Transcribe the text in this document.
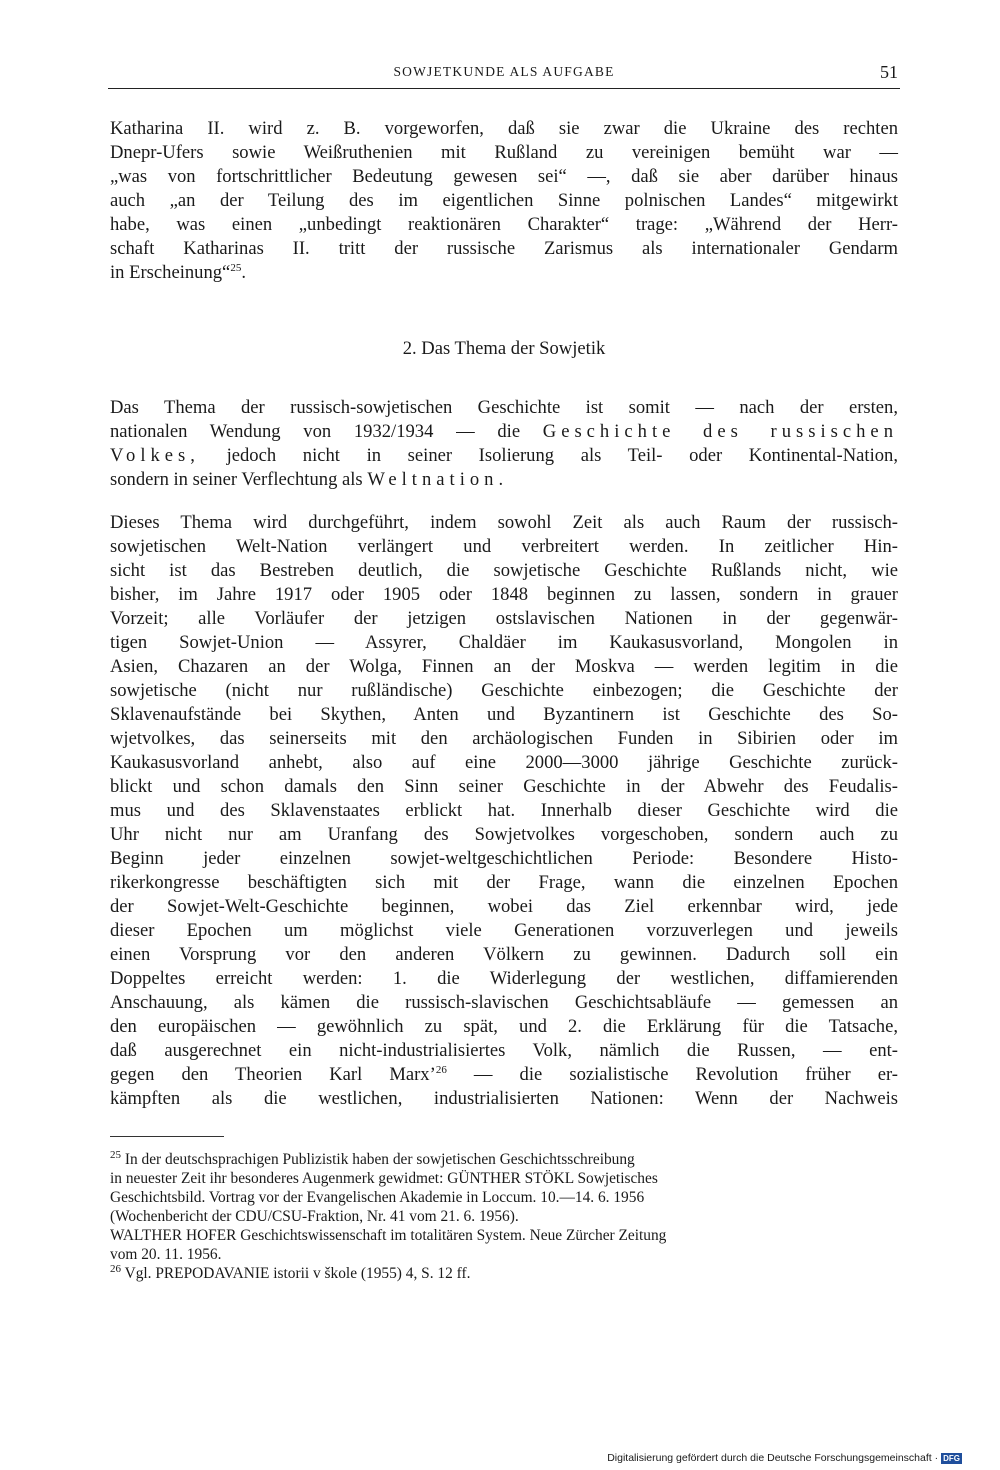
SOWJETKUNDE ALS AUFGABE	51
Katharina II. wird z. B. vorgeworfen, daß sie zwar die Ukraine des rechten
Dnepr-Ufers sowie Weißruthenien mit Rußland zu vereinigen bemüht war —
„was von fortschrittlicher Bedeutung gewesen sei“ —, daß sie aber darüber hinaus
auch „an der Teilung des im eigentlichen Sinne polnischen Landes“ mitgewirkt
habe, was einen „unbedingt reaktionären Charakter“ trage: „Während der Herr-
schaft Katharinas II. tritt der russische Zarismus als internationaler Gendarm
in Erscheinung“$^{25}$.
2. Das Thema der Sowjetik
Das Thema der russisch-sowjetischen Geschichte ist somit — nach der ersten,
nationalen Wendung von 1932/1934 — die Geschichte des russischen
Volkes, jedoch nicht in seiner Isolierung als Teil- oder Kontinental-Nation,
sondern in seiner Verflechtung als Weltnation.
Dieses Thema wird durchgeführt, indem sowohl Zeit als auch Raum der russisch-
sowjetischen Welt-Nation verlängert und verbreitert werden. In zeitlicher Hin-
sicht ist das Bestreben deutlich, die sowjetische Geschichte Rußlands nicht, wie
bisher, im Jahre 1917 oder 1905 oder 1848 beginnen zu lassen, sondern in grauer
Vorzeit; alle Vorläufer der jetzigen ostslavischen Nationen in der gegenwär-
tigen Sowjet-Union — Assyrer, Chaldäer im Kaukasusvorland, Mongolen in
Asien, Chazaren an der Wolga, Finnen an der Moskva — werden legitim in die
sowjetische (nicht nur rußländische) Geschichte einbezogen; die Geschichte der
Sklavenaufstände bei Skythen, Anten und Byzantinern ist Geschichte des So-
wjetvolkes, das seinerseits mit den archäologischen Funden in Sibirien oder im
Kaukasusvorland anhebt, also auf eine 2000—3000 jährige Geschichte zurück-
blickt und schon damals den Sinn seiner Geschichte in der Abwehr des Feudalis-
mus und des Sklavenstaates erblickt hat. Innerhalb dieser Geschichte wird die
Uhr nicht nur am Uranfang des Sowjetvolkes vorgeschoben, sondern auch zu
Beginn jeder einzelnen sowjet-weltgeschichtlichen Periode: Besondere Histo-
rikerkongresse beschäftigten sich mit der Frage, wann die einzelnen Epochen
der Sowjet-Welt-Geschichte beginnen, wobei das Ziel erkennbar wird, jede
dieser Epochen um möglichst viele Generationen vorzuverlegen und jeweils
einen Vorsprung vor den anderen Völkern zu gewinnen. Dadurch soll ein
Doppeltes erreicht werden: 1. die Widerlegung der westlichen, diffamierenden
Anschauung, als kämen die russisch-slavischen Geschichtsabläufe — gemessen an
den europäischen — gewöhnlich zu spät, und 2. die Erklärung für die Tatsache,
daß ausgerechnet ein nicht-industrialisiertes Volk, nämlich die Russen, — ent-
gegen den Theorien Karl Marx’$^{26}$ — die sozialistische Revolution früher er-
kämpften als die westlichen, industrialisierten Nationen: Wenn der Nachweis
$^{25}$ In der deutschsprachigen Publizistik haben der sowjetischen Geschichtsschreibung
in neuester Zeit ihr besonderes Augenmerk gewidmet: GÜNTHER STÖKL Sowjetisches
Geschichtsbild. Vortrag vor der Evangelischen Akademie in Loccum. 10.—14. 6. 1956
(Wochenbericht der CDU/CSU-Fraktion, Nr. 41 vom 21. 6. 1956).
WALTHER HOFER Geschichtswissenschaft im totalitären System. Neue Zürcher Zeitung
vom 20. 11. 1956.
$^{26}$ Vgl. PREPODAVANIE istorii v škole (1955) 4, S. 12 ff.
Digitalisierung gefördert durch die Deutsche Forschungsgemeinschaft · DFG
